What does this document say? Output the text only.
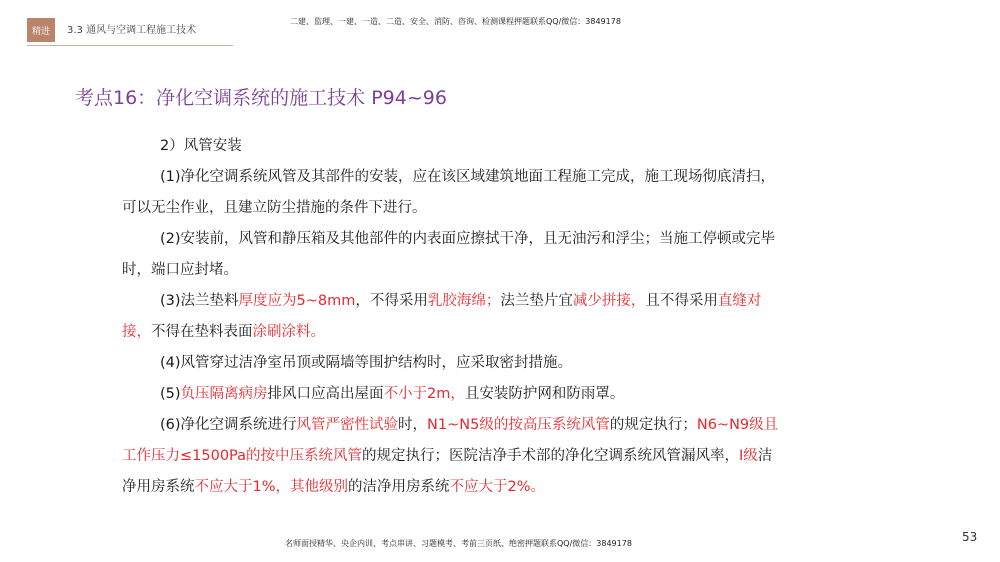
精进	3.3 通风与空调工程施工技术
二建、监理、一建、一造、二造、安全、消防、咨询、检测课程押题联系QQ/微信：3849178
考点16：净化空调系统的施工技术 P94~96

2）风管安装

(1)净化空调系统风管及其部件的安装，应在该区域建筑地面工程施工完成，施工现场彻底清扫，可以无尘作业，且建立防尘措施的条件下进行。

(2)安装前，风管和静压箱及其他部件的内表面应擦拭干净，且无油污和浮尘；当施工停顿或完毕时，端口应封堵。

(3)法兰垫料厚度应为5~8mm，不得采用乳胶海绵；法兰垫片宜减少拼接，且不得采用直缝对接，不得在垫料表面涂刷涂料。

(4)风管穿过洁净室吊顶或隔墙等围护结构时，应采取密封措施。

(5)负压隔离病房排风口应高出屋面不小于2m，且安装防护网和防雨罩。

(6)净化空调系统进行风管严密性试验时，N1~N5级的按高压系统风管的规定执行；N6~N9级且工作压力≤1500Pa的按中压系统风管的规定执行；医院洁净手术部的净化空调系统风管漏风率，Ⅰ级洁净用房系统不应大于1%，其他级别的洁净用房系统不应大于2%。

名师面授精华、央企内训、考点串讲、习题模考、考前三页纸、绝密押题联系QQ/微信：3849178	53
